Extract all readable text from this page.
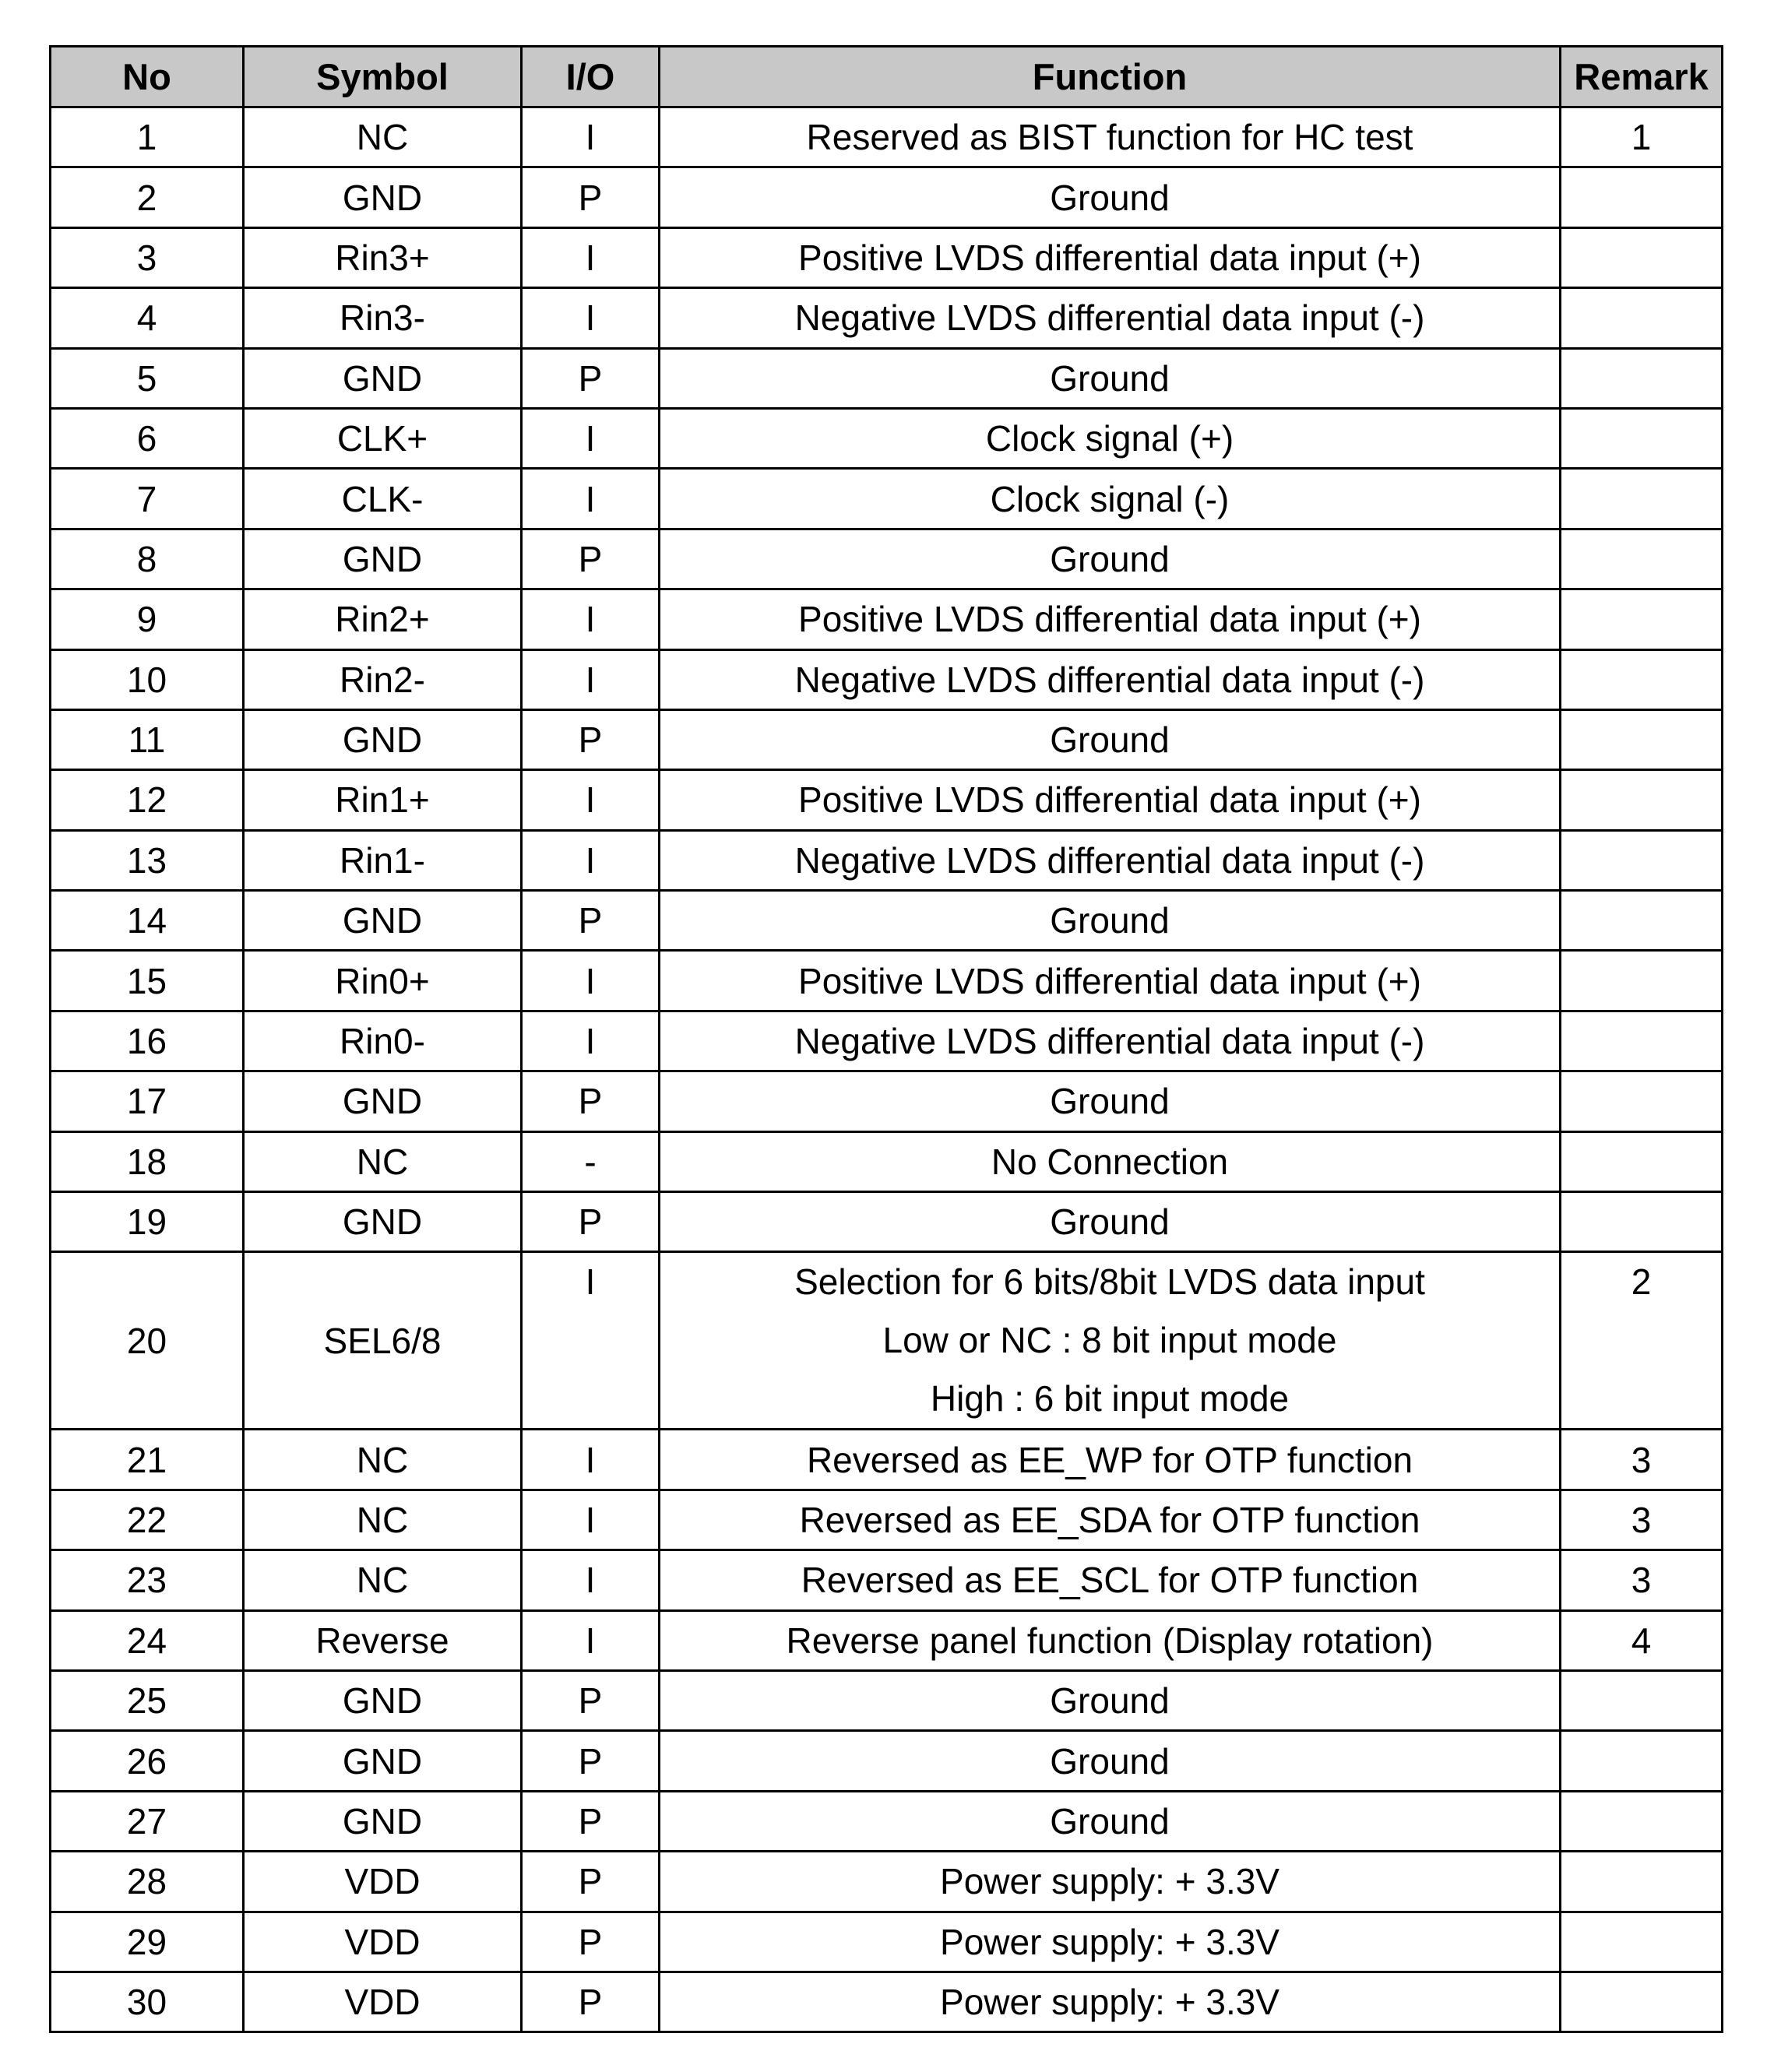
No	Symbol	I/O	Function	Remark
1	NC	I	Reserved as BIST function for HC test	1
2	GND	P	Ground	
3	Rin3+	I	Positive LVDS differential data input (+)	
4	Rin3-	I	Negative LVDS differential data input (-)	
5	GND	P	Ground	
6	CLK+	I	Clock signal (+)	
7	CLK-	I	Clock signal (-)	
8	GND	P	Ground	
9	Rin2+	I	Positive LVDS differential data input (+)	
10	Rin2-	I	Negative LVDS differential data input (-)	
11	GND	P	Ground	
12	Rin1+	I	Positive LVDS differential data input (+)	
13	Rin1-	I	Negative LVDS differential data input (-)	
14	GND	P	Ground	
15	Rin0+	I	Positive LVDS differential data input (+)	
16	Rin0-	I	Negative LVDS differential data input (-)	
17	GND	P	Ground	
18	NC	-	No Connection	
19	GND	P	Ground	
20	SEL6/8	I	Selection for 6 bits/8bit LVDS data input
Low or NC : 8 bit input mode
High : 6 bit input mode	2

21	NC	I	Reversed as EE_WP for OTP function	3
22	NC	I	Reversed as EE_SDA for OTP function	3
23	NC	I	Reversed as EE_SCL for OTP function	3
24	Reverse	I	Reverse panel function (Display rotation)	4
25	GND	P	Ground	
26	GND	P	Ground	
27	GND	P	Ground	
28	VDD	P	Power supply: + 3.3V	
29	VDD	P	Power supply: + 3.3V	
30	VDD	P	Power supply: + 3.3V	
